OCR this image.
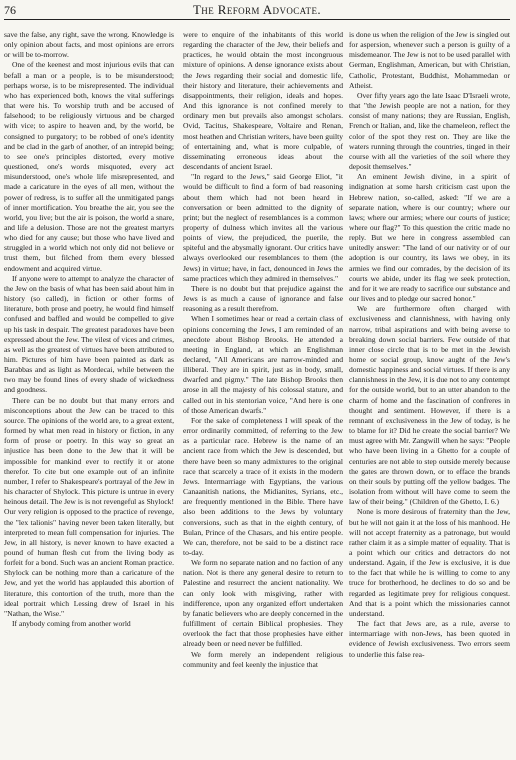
76	The Reform Advocate.

save the false, any right, save the wrong. Knowledge is only opinion about facts, and most opinions are errors or will be to-morrow.

One of the keenest and most injurious evils that can befall a man or a people, is to be misunderstood; perhaps worse, is to be misrepresented. The individual who has experienced both, knows the vital sufferings that were his. To worship truth and be accused of falsehood; to be religiously virtuous and be charged with vice; to aspire to heaven and, by the world, be consigned to purgatory; to be robbed of one's identity and be clad in the garb of another, of an intrepid being; to see one's principles distorted, every motive questioned, one's words misquoted, every act misunderstood, one's whole life misrepresented, and made a caricature in the eyes of all men, without the power of redress, is to suffer all the unmitigated pangs of inner mortification. You breathe the air, you see the world, you live; but the air is poison, the world a snare, and life a delusion. Those are not the greatest martyrs who died for any cause; but those who have lived and struggled in a world which not only did not believe or trust them, but filched from them every blessed endowment and acquired virtue.

If anyone were to attempt to analyze the character of the Jew on the basis of what has been said about him in history (so called), in fiction or other forms of literature, both prose and poetry, he would find himself confused and baffled and would be compelled to give up his task in despair. The greatest paradoxes have been expressed about the Jew. The vilest of vices and crimes, as well as the greatest of virtues have been attributed to him. Pictures of him have been painted as dark as Barabbas and as light as Mordecai, while between the two may be found lines of every shade of wickedness and goodness.

There can be no doubt but that many errors and misconceptions about the Jew can be traced to this source. The opinions of the world are, to a great extent, formed by what men read in history or fiction, in any form of prose or poetry. In this way so great an injustice has been done to the Jew that it will be impossible for mankind ever to rectify it or atone therefor. To cite but one example out of an infinite number, I refer to Shakespeare's portrayal of the Jew in his character of Shylock. This picture is untrue in every heinous detail. The Jew is is not revengeful as Shylock! Our very religion is opposed to the practice of revenge, the "lex talionis" having never been taken literally, but interpreted to mean full compensation for injuries. The Jew, in all history, is never known to have exacted a pound of human flesh cut from the living body as forfeit for a bond. Such was an ancient Roman practice. Shylock can be nothing more than a caricature of the Jew, and yet the world has applauded this abortion of literature, this contortion of the truth, more than the ideal portrait which Lessing drew of Israel in his "Nathan, the Wise."

If anybody coming from another world

were to enquire of the inhabitants of this world regarding the character of the Jew, their beliefs and practices, he would obtain the most incongruous mixture of opinions. A dense ignorance exists about the Jews regarding their social and domestic life, their history and literature, their achievements and disappointments, their religion, ideals and hopes. And this ignorance is not confined merely to ordinary men but prevails also amongst scholars. Ovid, Tacitus, Shakespeare, Voltaire and Renan, most heathen and Christian writers, have been guilty of entertaining and, what is more culpable, of disseminating erroneous ideas about the descendants of ancient Israel.

"In regard to the Jews," said George Eliot, "it would be difficult to find a form of bad reasoning about them which had not been heard in conversation or been admitted to the dignity of print; but the neglect of resemblances is a common property of dulness which invites all the various points of view, the prejudiced, the puerile, the spiteful and the abysmally ignorant. Our critics have always overlooked our resemblances to them (the Jews) in virtue; have, in fact, denounced in Jews the same practices which they admired in themselves."

There is no doubt but that prejudice against the Jews is as much a cause of ignorance and false reasoning as a result therefrom.

When I sometimes hear or read a certain class of opinions concerning the Jews, I am reminded of an anecdote about Bishop Brooks. He attended a meeting in England, at which an Englishman declared, "All Americans are narrow-minded and illiberal. They are in spirit, just as in body, small, dwarfed and pigmy." The late Bishop Brooks then arose in all the majesty of his colossal stature, and called out in his stentorian voice, "And here is one of those American dwarfs."

For the sake of completeness I will speak of the error ordinarily committed, of referring to the Jew as a particular race. Hebrew is the name of an ancient race from which the Jew is descended, but there have been so many admixtures to the original race that scarcely a trace of it exists in the modern Jews. Intermarriage with Egyptians, the various Canaanitish nations, the Midianites, Syrians, etc., are frequently mentioned in the Bible. There have also been additions to the Jews by voluntary conversions, such as that in the eighth century, of Bulan, Prince of the Chasars, and his entire people. We can, therefore, not be said to be a distinct race to-day.

We form no separate nation and no faction of any nation. Not is there any general desire to return to Palestine and resurrect the ancient nationality. We can only look with misgiving, rather with indifference, upon any organized effort undertaken by fanatic believers who are deeply concerned in the fulfillment of certain Biblical prophesies. They overlook the fact that those prophesies have either already been or need never be fulfilled.

We form merely an independent religious community and feel keenly the injustice that

is done us when the religion of the Jew is singled out for aspersion, whenever such a person is guilty of a misdemeanor. The Jew is not to be used parallel with German, Englishman, American, but with Christian, Catholic, Protestant, Buddhist, Mohammedan or Atheist.

Over fifty years ago the late Isaac D'Israeli wrote, that "the Jewish people are not a nation, for they consist of many nations; they are Russian, English, French or Italian, and, like the chameleon, reflect the color of the spot they rest on. They are like the waters running through the countries, tinged in their course with all the varieties of the soil where they deposit themselves."

An eminent Jewish divine, in a spirit of indignation at some harsh criticism cast upon the Hebrew nation, so-called, asked: "If we are a separate nation, where is our country; where our laws; where our armies; where our courts of justice; where our flag?" To this question the critic made no reply. But we here in congress assembled can unitedly answer: "The land of our nativity or of our adoption is our country, its laws we obey, in its armies we find our comrades, by the decision of its courts we abide, under its flag we seek protection, and for it we are ready to sacrifice our substance and our lives and to pledge our sacred honor."

We are furthermore often charged with exclusiveness and clannishness, with having only narrow, tribal aspirations and with being averse to breaking down social barriers. Few outside of that inner close circle that is to be met in the Jewish home or social group, know aught of the Jew's domestic happiness and social virtues. If there is any clannishness in the Jew, it is due not to any contempt for the outside world, but to an utter abandon to the charm of home and the fascination of confreres in thought and sentiment. However, if there is a remnant of exclusiveness in the Jew of today, is he to blame for it? Did he create the social barrier? We must agree with Mr. Zangwill when he says: "People who have been living in a Ghetto for a couple of centuries are not able to step outside merely because the gates are thrown down, or to efface the brands on their souls by putting off the yellow badges. The isolation from without will have come to seem the law of their being." (Children of the Ghetto, I. 6.)

None is more desirous of fraternity than the Jew, but he will not gain it at the loss of his manhood. He will not accept fraternity as a patronage, but would rather claim it as a simple matter of equality. That is a point which our critics and detractors do not understand. Again, if the Jew is exclusive, it is due to the fact that while he is willing to come to any truce for brotherhood, he declines to do so and be regarded as legitimate prey for religious conquest. And that is a point which the missionaries cannot understand.

The fact that Jews are, as a rule, averse to intermarriage with non-Jews, has been quoted in evidence of Jewish exclusiveness. Two errors seem to underlie this false rea-
